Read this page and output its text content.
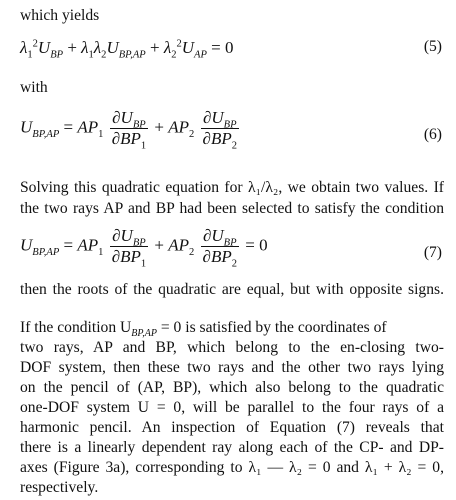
which yields
$\lambda_1^2U_{BP} + \lambda_1\lambda_2U_{BP,AP} + \lambda_2^2U_{AP} = 0$	(5)
with
$U_{BP,AP} = AP_1 \frac{\partial U_{BP}}{\partial BP_1} + AP_2 \frac{\partial U_{BP}}{\partial BP_2}$	(6)
Solving this quadratic equation for λ₁/λ₂, we obtain two values. If
the two rays AP and BP had been selected to satisfy the condition
$U_{BP,AP} = AP_1 \frac{\partial U_{BP}}{\partial BP_1} + AP_2 \frac{\partial U_{BP}}{\partial BP_2} = 0$	(7)
then the roots of the quadratic are equal, but with opposite signs.
If the condition $U_{BP,AP} = 0$ is satisfied by the coordinates of
two rays, AP and BP, which belong to the en-closing two-
DOF system, then these two rays and the other two rays lying
on the pencil of (AP, BP), which also belong to the quadratic
one-DOF system U = 0, will be parallel to the four rays of a
harmonic pencil. An inspection of Equation (7) reveals that
there is a linearly dependent ray along each of the CP- and DP-
axes (Figure 3a), corresponding to λ₁ — λ₂ = 0 and λ₁ + λ₂ = 0,
respectively.
